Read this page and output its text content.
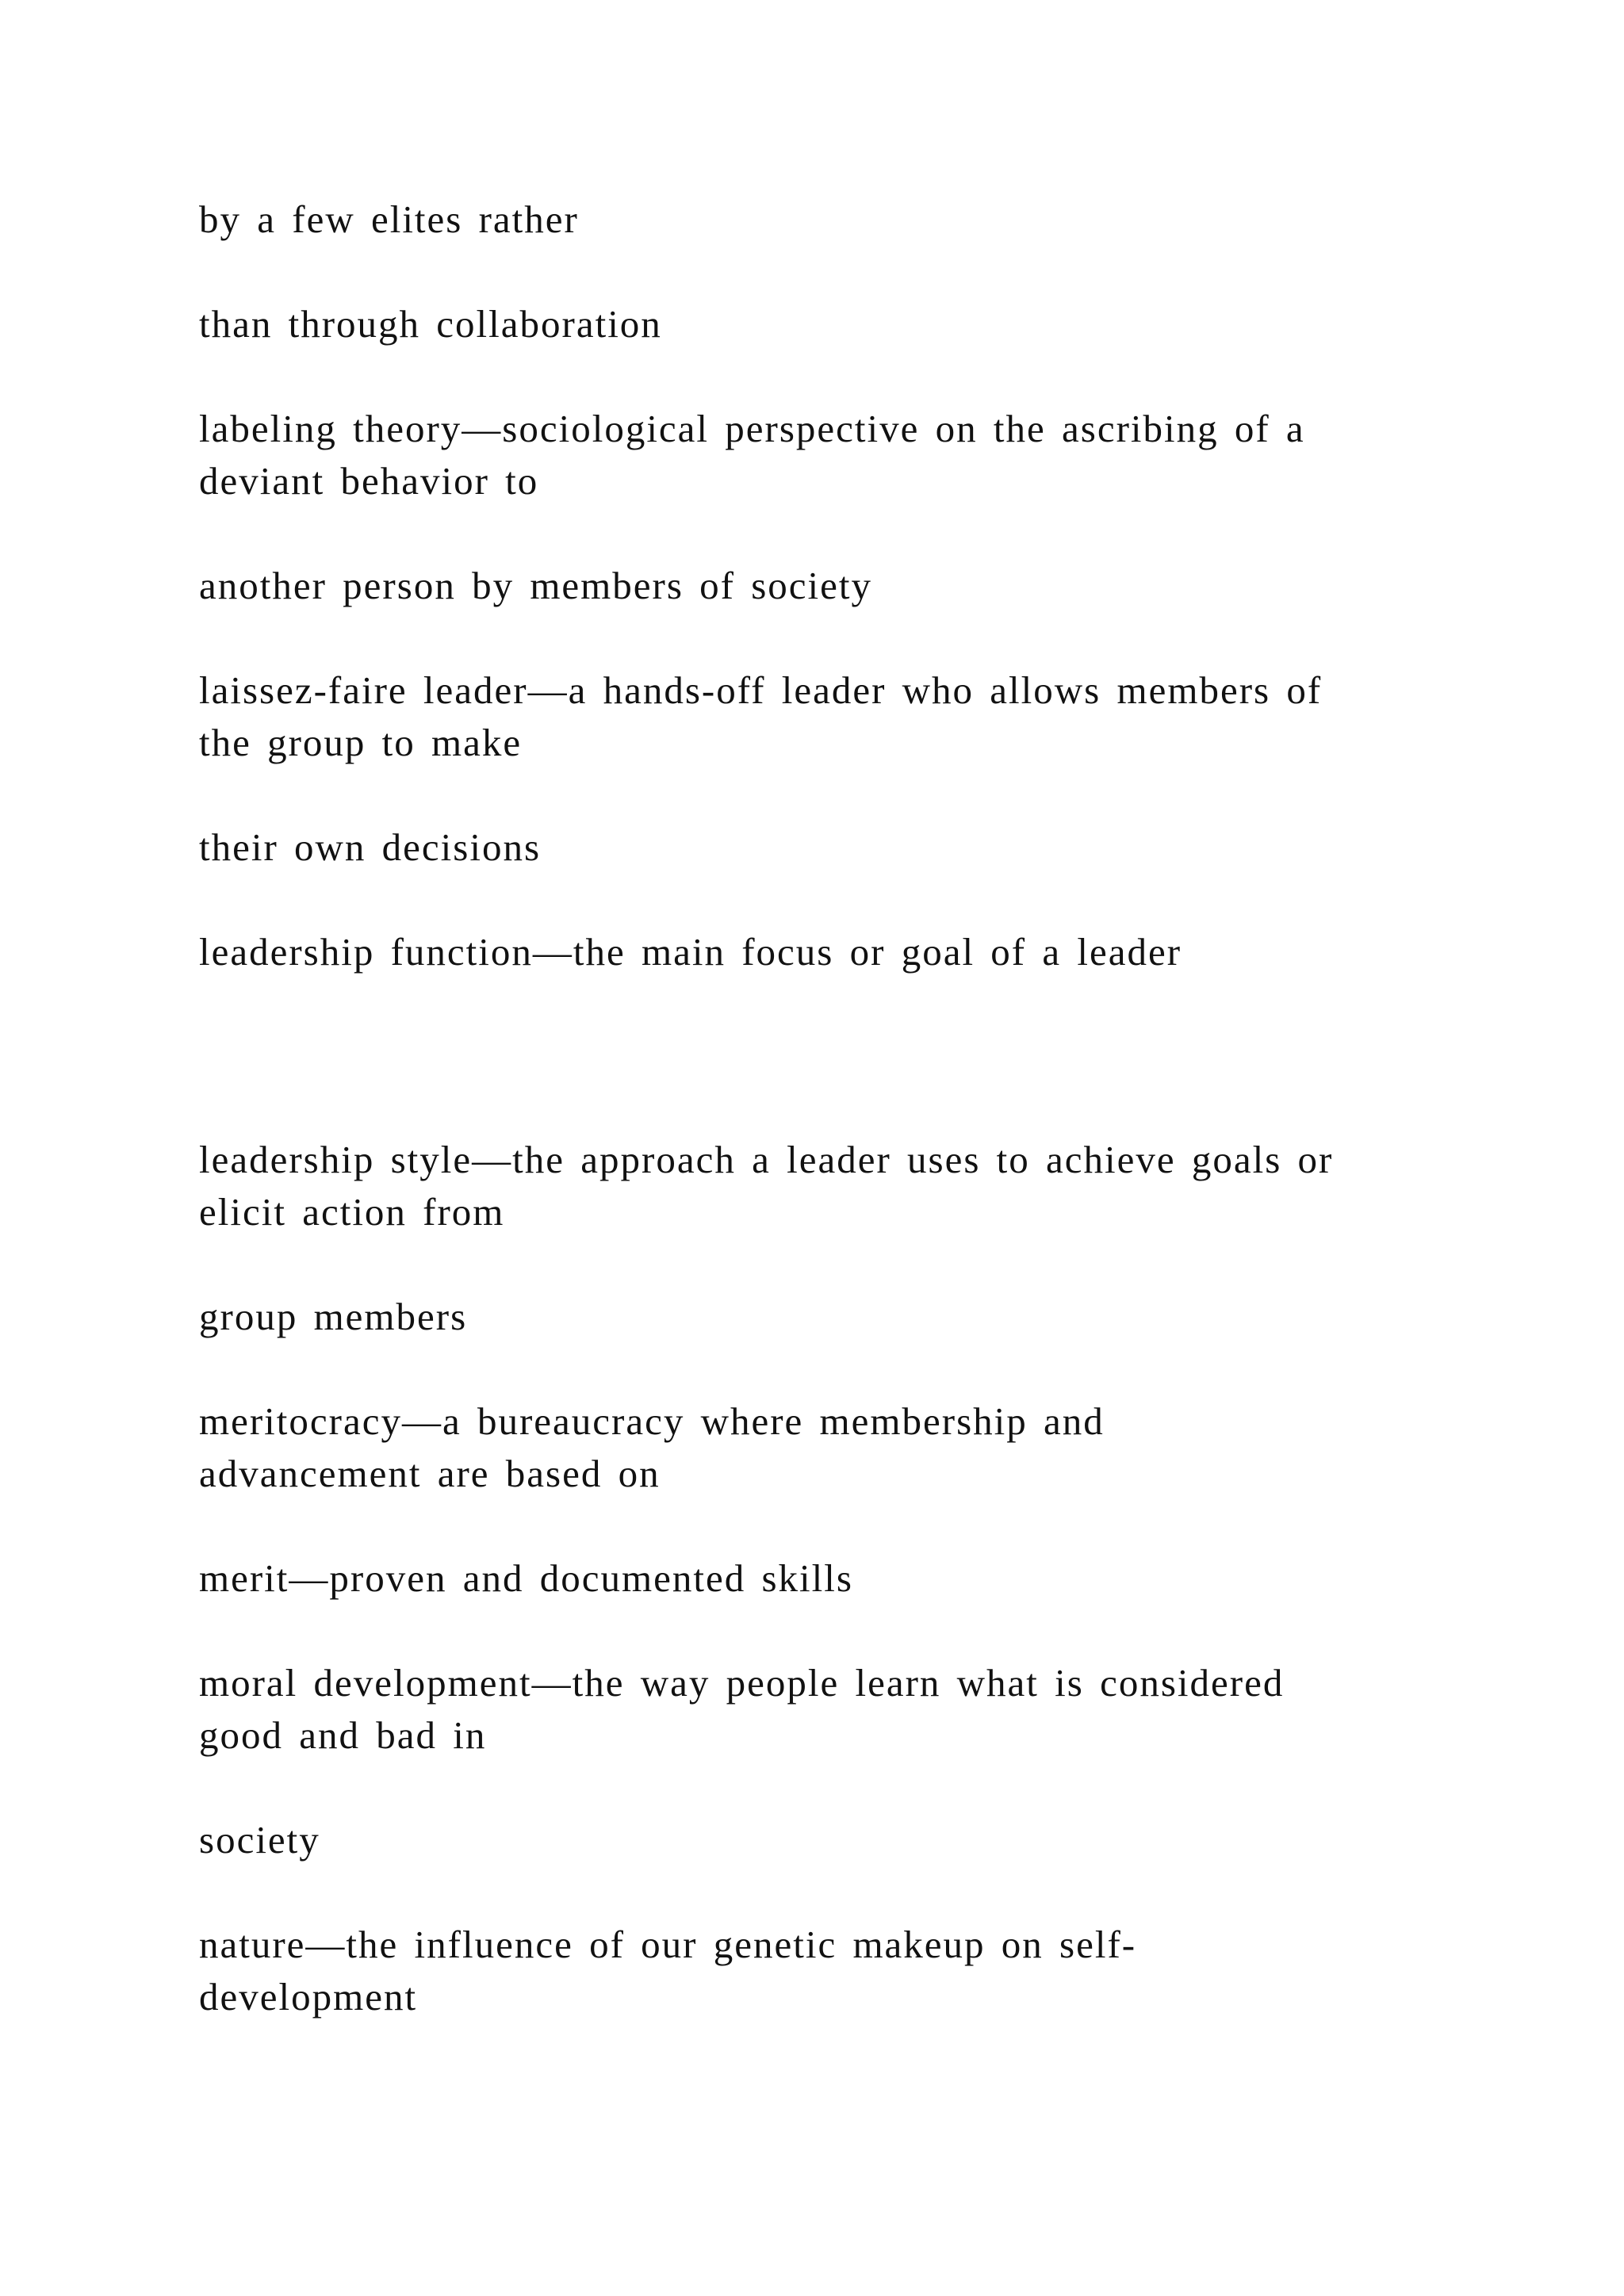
by a few elites rather
than through collaboration
labeling theory—sociological perspective on the ascribing of a
deviant behavior to
another person by members of society
laissez-faire leader—a hands-off leader who allows members of
the group to make
their own decisions
leadership function—the main focus or goal of a leader
leadership style—the approach a leader uses to achieve goals or
elicit action from
group members
meritocracy—a bureaucracy where membership and
advancement are based on
merit—proven and documented skills
moral development—the way people learn what is considered
good and bad in
society
nature—the influence of our genetic makeup on self-
development
